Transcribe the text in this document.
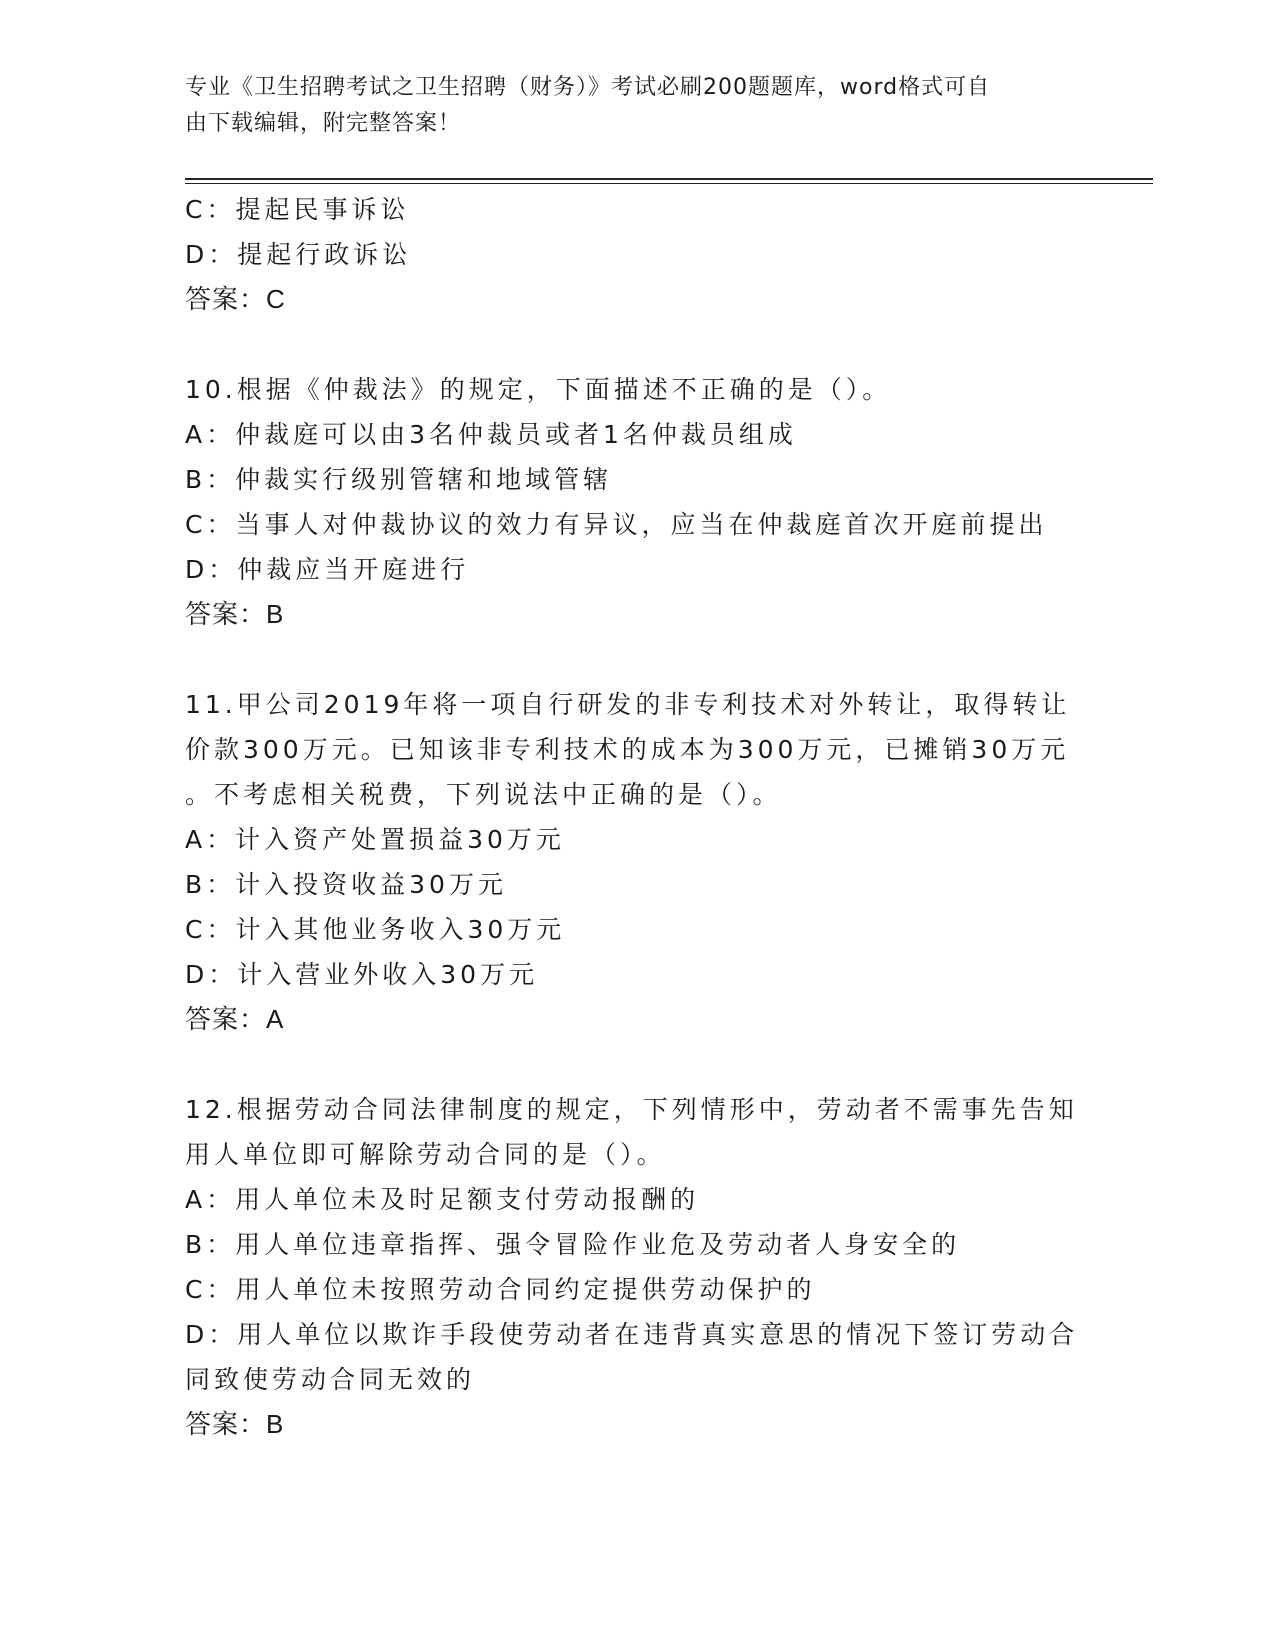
专业《卫生招聘考试之卫生招聘（财务）》考试必刷200题题库，word格式可自
由下载编辑，附完整答案！
C：提起民事诉讼
D：提起行政诉讼
答案：C
10.根据《仲裁法》的规定，下面描述不正确的是（）。
A：仲裁庭可以由3名仲裁员或者1名仲裁员组成
B：仲裁实行级别管辖和地域管辖
C：当事人对仲裁协议的效力有异议，应当在仲裁庭首次开庭前提出
D：仲裁应当开庭进行
答案：B
11.甲公司2019年将一项自行研发的非专利技术对外转让，取得转让
价款300万元。已知该非专利技术的成本为300万元，已摊销30万元
。不考虑相关税费，下列说法中正确的是（）。
A：计入资产处置损益30万元
B：计入投资收益30万元
C：计入其他业务收入30万元
D：计入营业外收入30万元
答案：A
12.根据劳动合同法律制度的规定，下列情形中，劳动者不需事先告知
用人单位即可解除劳动合同的是（）。
A：用人单位未及时足额支付劳动报酬的
B：用人单位违章指挥、强令冒险作业危及劳动者人身安全的
C：用人单位未按照劳动合同约定提供劳动保护的
D：用人单位以欺诈手段使劳动者在违背真实意思的情况下签订劳动合
同致使劳动合同无效的
答案：B
